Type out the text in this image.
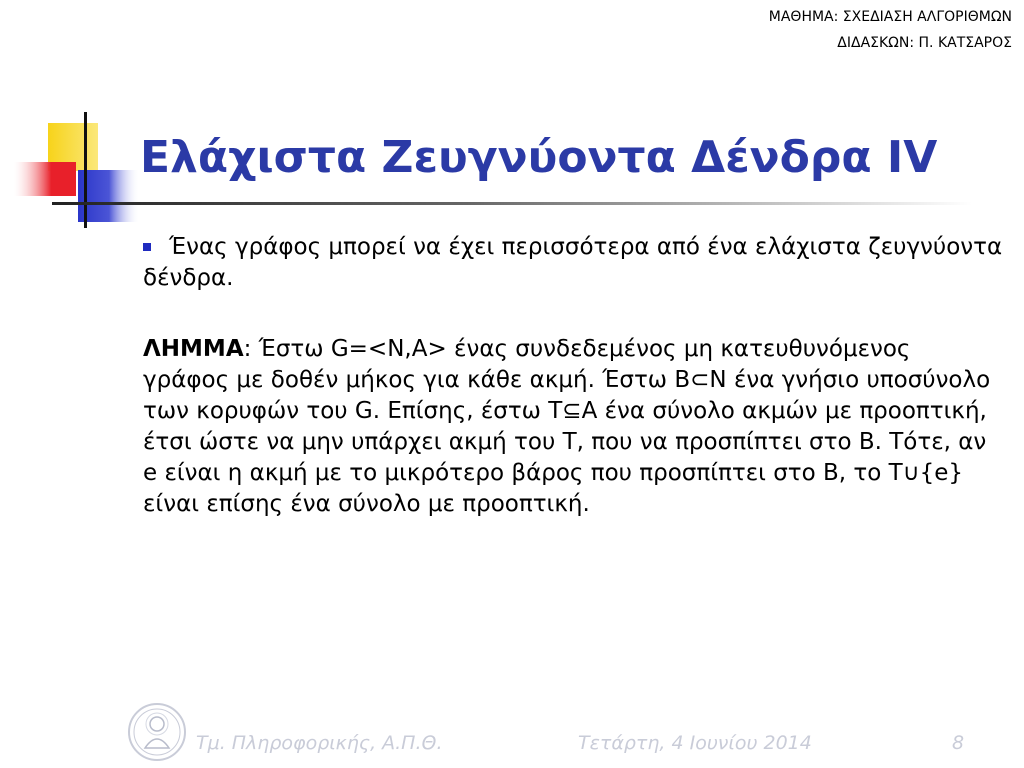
ΜΑΘΗΜΑ: ΣΧΕΔΙΑΣΗ ΑΛΓΟΡΙΘΜΩΝ
ΔΙΔΑΣΚΩΝ: Π. ΚΑΤΣΑΡΟΣ
Ελάχιστα Ζευγνύοντα Δένδρα IV
Ένας γράφος μπορεί να έχει περισσότερα από ένα ελάχιστα ζευγνύοντα δένδρα.
ΛΗΜΜΑ: Έστω G=<N,A> ένας συνδεδεμένος μη κατευθυνόμενος γράφος με δοθέν μήκος για κάθε ακμή. Έστω B⊂N ένα γνήσιο υποσύνολο των κορυφών του G. Επίσης, έστω T⊆A ένα σύνολο ακμών με προοπτική, έτσι ώστε να μην υπάρχει ακμή του T, που να προσπίπτει στο B. Τότε, αν e είναι η ακμή με το μικρότερο βάρος που προσπίπτει στο B, το T∪{e} είναι επίσης ένα σύνολο με προοπτική.
Τμ. Πληροφορικής, Α.Π.Θ.	Τετάρτη, 4 Ιουνίου 2014	8
